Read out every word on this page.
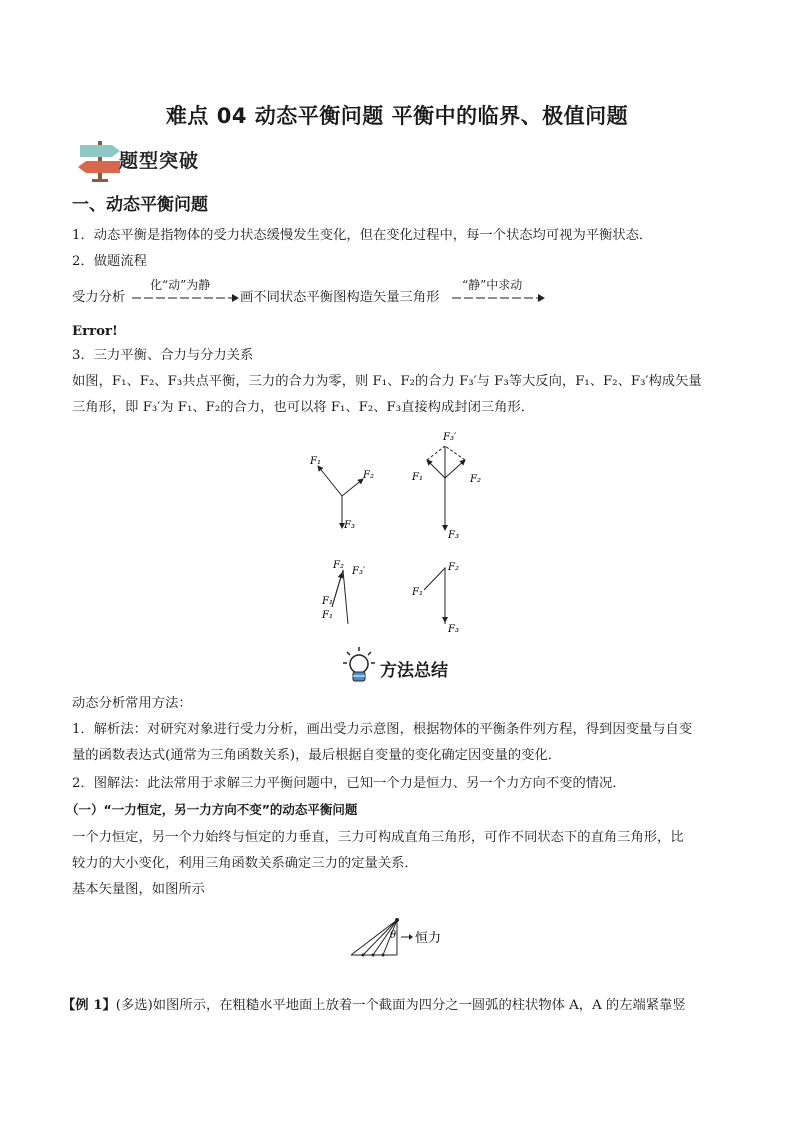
难点 04 动态平衡问题 平衡中的临界、极值问题
题型突破
一、动态平衡问题
1．动态平衡是指物体的受力状态缓慢发生变化，但在变化过程中，每一个状态均可视为平衡状态．
2．做题流程
受力分析
化“动”为静
画不同状态平衡图构造矢量三角形
“静”中求动
Error!
3．三力平衡、合力与分力关系
如图，F₁、F₂、F₃共点平衡，三力的合力为零，则 F₁、F₂的合力 F₃′与 F₃等大反向，F₁、F₂、F₃′构成矢量
三角形，即 F₃′为 F₁、F₂的合力，也可以将 F₁、F₂、F₃直接构成封闭三角形．
F₁
F₂
F₃
F₃′
F₁	F₂
F₃
F₂
F₃′
F₁
F₁
F₂
F₁
F₃
方法总结
动态分析常用方法：
1．解析法：对研究对象进行受力分析，画出受力示意图，根据物体的平衡条件列方程，得到因变量与自变
量的函数表达式(通常为三角函数关系)，最后根据自变量的变化确定因变量的变化．
2．图解法：此法常用于求解三力平衡问题中，已知一个力是恒力、另一个力方向不变的情况．
（一）“一力恒定，另一力方向不变”的动态平衡问题
一个力恒定，另一个力始终与恒定的力垂直，三力可构成直角三角形，可作不同状态下的直角三角形，比
较力的大小变化，利用三角函数关系确定三力的定量关系．
基本矢量图，如图所示
θ 恒力
【例 1】(多选)如图所示，在粗糙水平地面上放着一个截面为四分之一圆弧的柱状物体 A，A 的左端紧靠竖
